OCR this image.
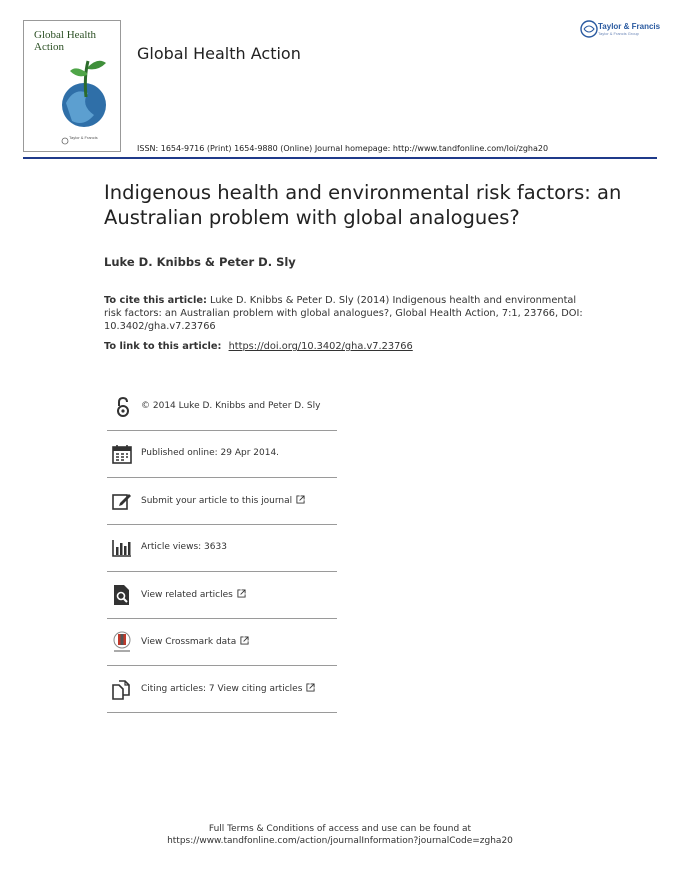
Global Health Action
Taylor & Francis
Global Health Action
Taylor & Francis
Taylor & Francis Group
ISSN: 1654-9716 (Print) 1654-9880 (Online) Journal homepage: http://www.tandfonline.com/loi/zgha20
Indigenous health and environmental risk factors: an Australian problem with global analogues?
Luke D. Knibbs & Peter D. Sly
To cite this article: Luke D. Knibbs & Peter D. Sly (2014) Indigenous health and environmental risk factors: an Australian problem with global analogues?, Global Health Action, 7:1, 23766, DOI: 10.3402/gha.v7.23766
To link to this article: https://doi.org/10.3402/gha.v7.23766
© 2014 Luke D. Knibbs and Peter D. Sly
Published online: 29 Apr 2014.
Submit your article to this journal
Article views: 3633
View related articles
View Crossmark data
Citing articles: 7 View citing articles
Full Terms & Conditions of access and use can be found at
https://www.tandfonline.com/action/journalInformation?journalCode=zgha20
